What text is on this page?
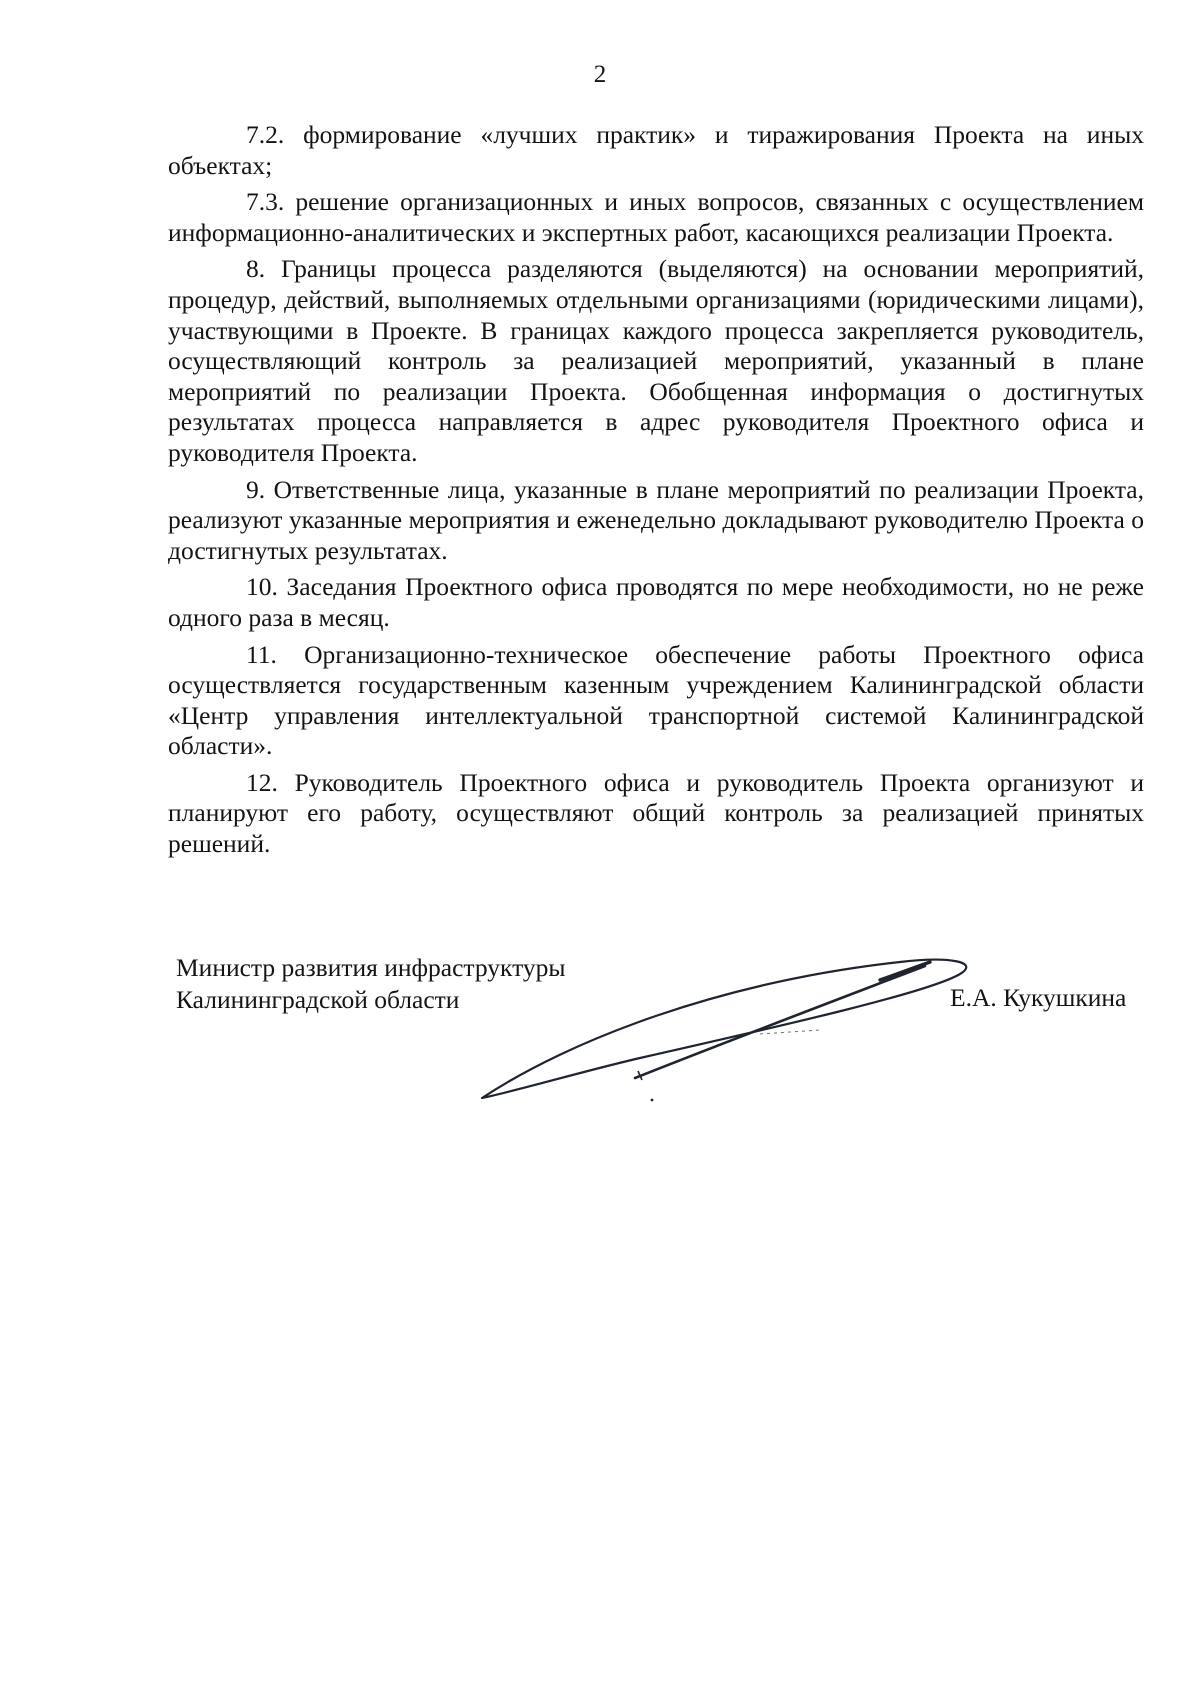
2

7.2. формирование «лучших практик» и тиражирования Проекта на иных объектах;

7.3. решение организационных и иных вопросов, связанных с осуществлением информационно-аналитических и экспертных работ, касающихся реализации Проекта.

8. Границы процесса разделяются (выделяются) на основании мероприятий, процедур, действий, выполняемых отдельными организациями (юридическими лицами), участвующими в Проекте. В границах каждого процесса закрепляется руководитель, осуществляющий контроль за реализацией мероприятий, указанный в плане мероприятий по реализации Проекта. Обобщенная информация о достигнутых результатах процесса направляется в адрес руководителя Проектного офиса и руководителя Проекта.

9. Ответственные лица, указанные в плане мероприятий по реализации Проекта, реализуют указанные мероприятия и еженедельно докладывают руководителю Проекта о достигнутых результатах.

10. Заседания Проектного офиса проводятся по мере необходимости, но не реже одного раза в месяц.

11. Организационно-техническое обеспечение работы Проектного офиса осуществляется государственным казенным учреждением Калининградской области «Центр управления интеллектуальной транспортной системой Калининградской области».

12. Руководитель Проектного офиса и руководитель Проекта организуют и планируют его работу, осуществляют общий контроль за реализацией принятых решений.

Министр развития инфраструктуры
Калининградской области	Е.А. Кукушкина
